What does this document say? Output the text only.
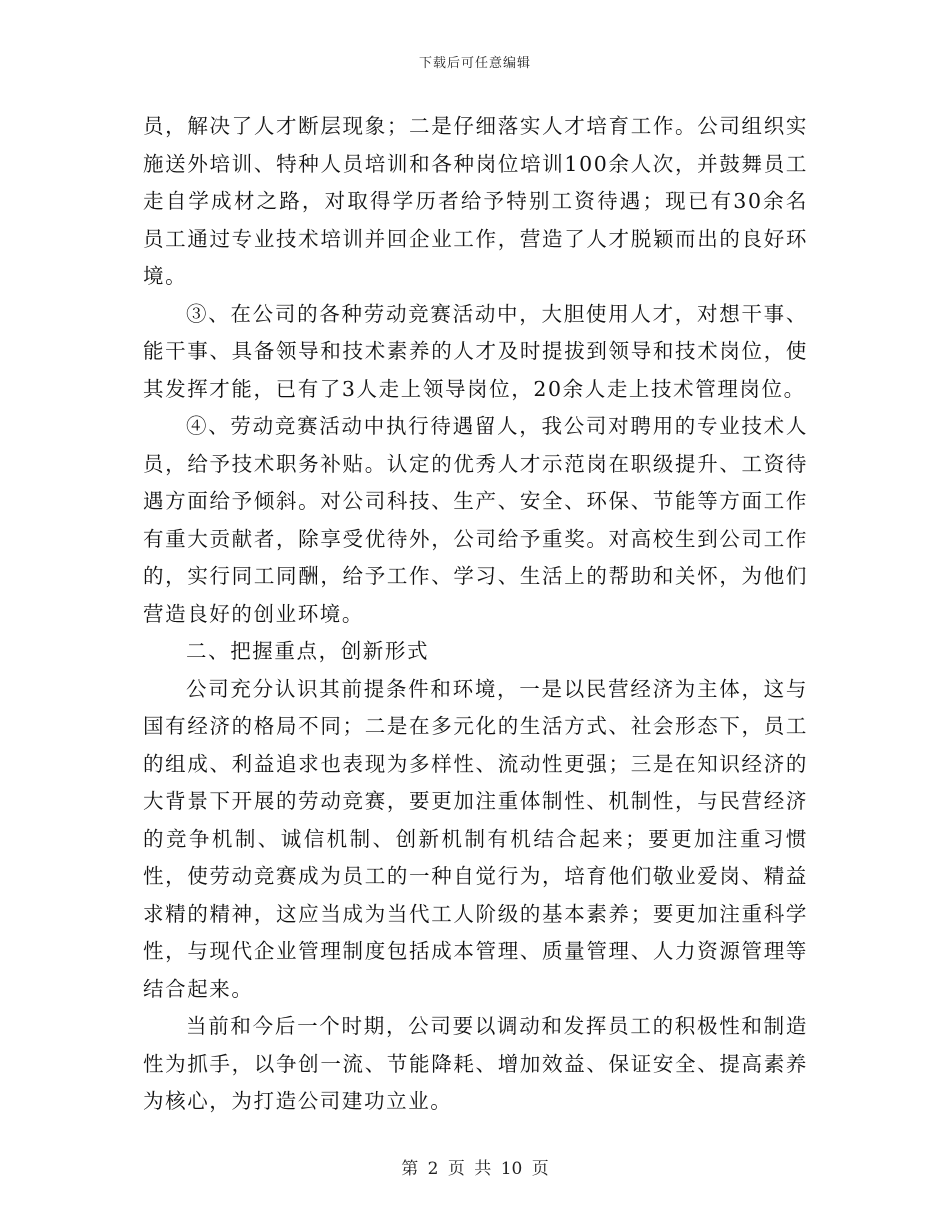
下载后可任意编辑

员，解决了人才断层现象；二是仔细落实人才培育工作。公司组织实施送外培训、特种人员培训和各种岗位培训100余人次，并鼓舞员工走自学成材之路，对取得学历者给予特别工资待遇；现已有30余名员工通过专业技术培训并回企业工作，营造了人才脱颖而出的良好环境。

③、在公司的各种劳动竞赛活动中，大胆使用人才，对想干事、能干事、具备领导和技术素养的人才及时提拔到领导和技术岗位，使其发挥才能，已有了3人走上领导岗位，20余人走上技术管理岗位。

④、劳动竞赛活动中执行待遇留人，我公司对聘用的专业技术人员，给予技术职务补贴。认定的优秀人才示范岗在职级提升、工资待遇方面给予倾斜。对公司科技、生产、安全、环保、节能等方面工作有重大贡献者，除享受优待外，公司给予重奖。对高校生到公司工作的，实行同工同酬，给予工作、学习、生活上的帮助和关怀，为他们营造良好的创业环境。

二、把握重点，创新形式

公司充分认识其前提条件和环境，一是以民营经济为主体，这与国有经济的格局不同；二是在多元化的生活方式、社会形态下，员工的组成、利益追求也表现为多样性、流动性更强；三是在知识经济的大背景下开展的劳动竞赛，要更加注重体制性、机制性，与民营经济的竞争机制、诚信机制、创新机制有机结合起来；要更加注重习惯性，使劳动竞赛成为员工的一种自觉行为，培育他们敬业爱岗、精益求精的精神，这应当成为当代工人阶级的基本素养；要更加注重科学性，与现代企业管理制度包括成本管理、质量管理、人力资源管理等结合起来。

当前和今后一个时期，公司要以调动和发挥员工的积极性和制造性为抓手，以争创一流、节能降耗、增加效益、保证安全、提高素养为核心，为打造公司建功立业。

第 2 页 共 10 页
